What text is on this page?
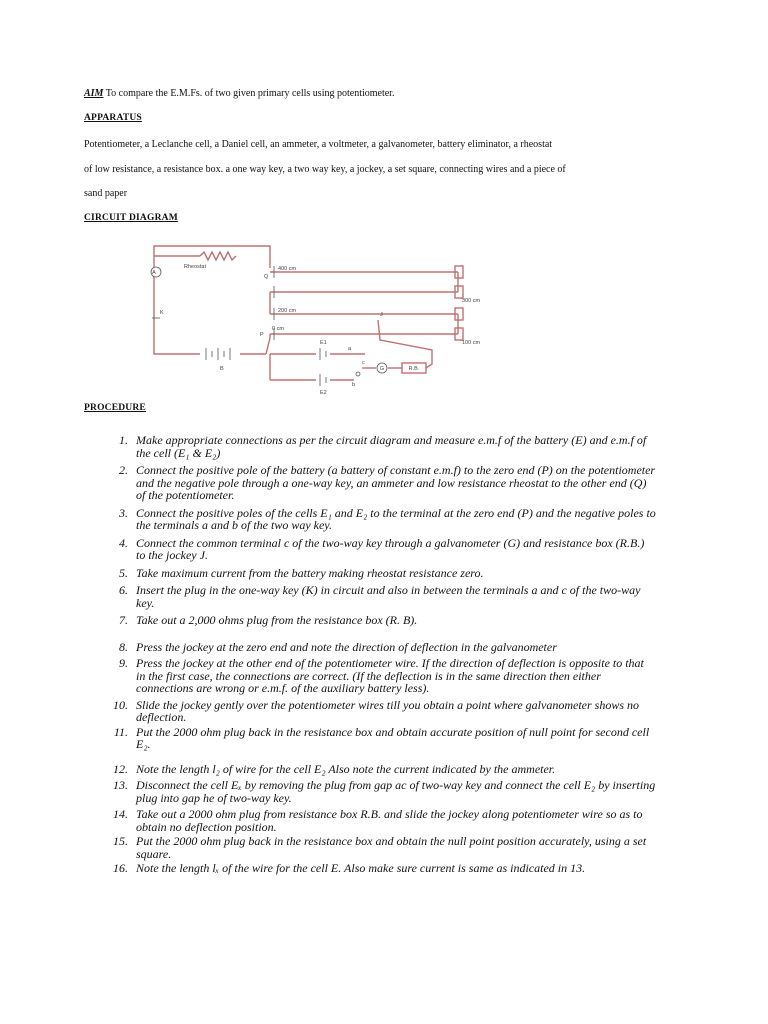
AIM To compare the E.M.Fs. of two given primary cells using potentiometer.
APPARATUS
Potentiometer, a Leclanche cell, a Daniel cell, an ammeter, a voltmeter, a galvanometer, battery eliminator, a rheostat
of low resistance, a resistance box. a one way key, a two way key, a jockey, a set square, connecting wires and a piece of
sand paper
CIRCUIT DIAGRAM
Rheostat
A
K
B
Q
P
J
400 cm
300 cm
200 cm
100 cm
0 cm
E1
E2
a
b
c
G	R.B.
PROCEDURE
1. Make appropriate connections as per the circuit diagram and measure e.m.f of the battery (E) and e.m.f of the cell (E₁ & E₂)
2. Connect the positive pole of the battery (a battery of constant e.m.f) to the zero end (P) on the potentiometer and the negative pole through a one-way key, an ammeter and low resistance rheostat to the other end (Q) of the potentiometer.
3. Connect the positive poles of the cells E₁ and E₂ to the terminal at the zero end (P) and the negative poles to the terminals a and b of the two way key.
4. Connect the common terminal c of the two-way key through a galvanometer (G) and resistance box (R.B.) to the jockey J.
5. Take maximum current from the battery making rheostat resistance zero.
6. Insert the plug in the one-way key (K) in circuit and also in between the terminals a and c of the two-way key.
7. Take out a 2,000 ohms plug from the resistance box (R. B).
8. Press the jockey at the zero end and note the direction of deflection in the galvanometer
9. Press the jockey at the other end of the potentiometer wire. If the direction of deflection is opposite to that in the first case, the connections are correct. (If the deflection is in the same direction then either connections are wrong or e.m.f. of the auxiliary battery less).
10. Slide the jockey gently over the potentiometer wires till you obtain a point where galvanometer shows no deflection.
11. Put the 2000 ohm plug back in the resistance box and obtain accurate position of null point for second cell E₂.
12. Note the length l₂ of wire for the cell E₂ Also note the current indicated by the ammeter.
13. Disconnect the cell Eₓ by removing the plug from gap ac of two-way key and connect the cell E₂ by inserting plug into gap he of two-way key.
14. Take out a 2000 ohm plug from resistance box R.B. and slide the jockey along potentiometer wire so as to obtain no deflection position.
15. Put the 2000 ohm plug back in the resistance box and obtain the null point position accurately, using a set square.
16. Note the length lₓ of the wire for the cell E. Also make sure current is same as indicated in 13.
